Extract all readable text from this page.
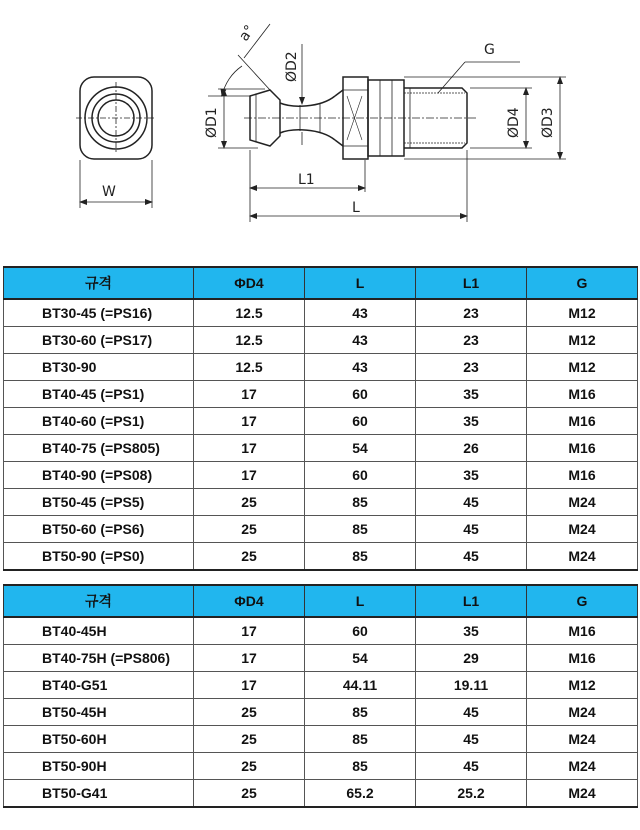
W
a°
ØD1
ØD2
ØD4 ØD3
G
L1
L
규격	ΦD4	L	L1	G
BT30-45 (=PS16)	12.5	43	23	M12
BT30-60 (=PS17)	12.5	43	23	M12
BT30-90	12.5	43	23	M12
BT40-45 (=PS1)	17	60	35	M16
BT40-60 (=PS1)	17	60	35	M16
BT40-75 (=PS805)	17	54	26	M16
BT40-90 (=PS08)	17	60	35	M16
BT50-45 (=PS5)	25	85	45	M24
BT50-60 (=PS6)	25	85	45	M24
BT50-90 (=PS0)	25	85	45	M24
규격	ΦD4	L	L1	G
BT40-45H	17	60	35	M16
BT40-75H (=PS806)	17	54	29	M16
BT40-G51	17	44.11	19.11	M12
BT50-45H	25	85	45	M24
BT50-60H	25	85	45	M24
BT50-90H	25	85	45	M24
BT50-G41	25	65.2	25.2	M24
